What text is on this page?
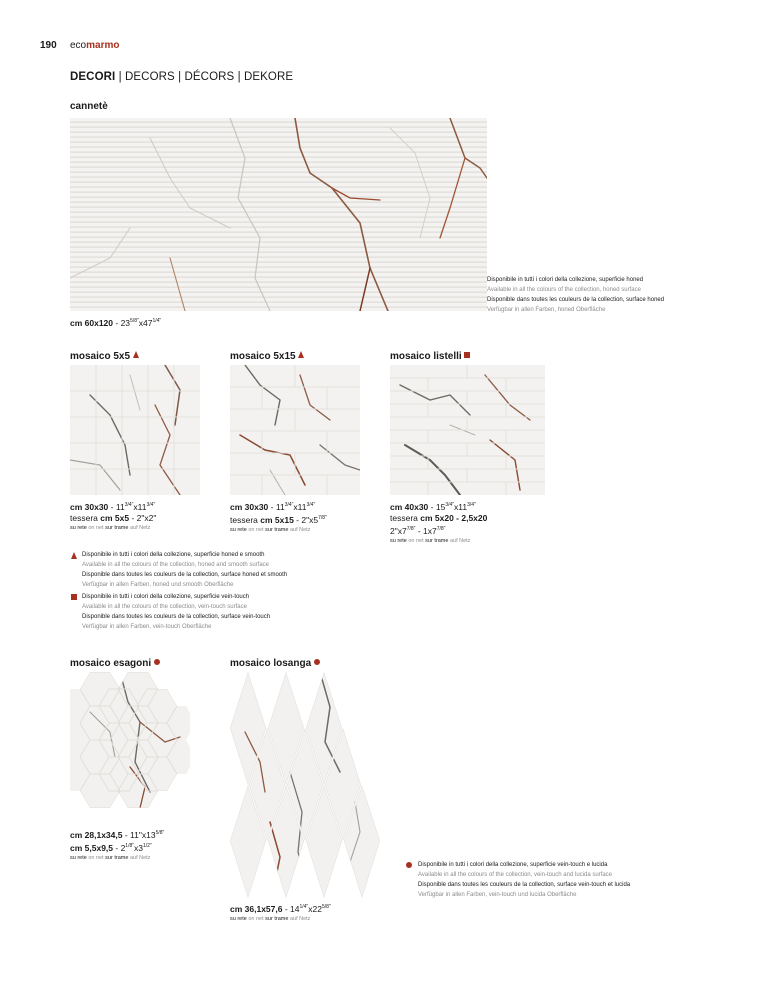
190 ecomarmo
DECORI | DECORS | DÉCORS | DEKORE
cannetè
cm $60x120 - 23^{5/8"}x47^{1/4"}$
Disponibile in tutti i colori della collezione, superficie honed
Available in all the colours of the collection, honed surface
Disponible dans toutes les couleurs de la collection, surface honed
Verfügbar in allen Farben, honed Oberfläche
mosaico 5x5
cm $30x30 - 11^{3/4"}x11^{3/4"}$
tessera cm 5x5 - 2"x2"
su rete on net sur trame auf Netz
mosaico 5x15
cm $30x30 - 11^{3/4"}x11^{3/4"}$
tessera cm $5x15 - 2"x5^{7/8"}$
su rete on net sur trame auf Netz
mosaico listelli
cm $40x30 - 15^{3/4"}x11^{3/4"}$
tessera cm 5x20 - 2,5x20
$2"x7^{7/8"} - 1x7^{7/8"}$
su rete on net sur trame auf Netz
Disponibile in tutti i colori della collezione, superficie honed e smooth
Available in all the colours of the collection, honed and smooth surface
Disponible dans toutes les couleurs de la collection, surface honed et smooth
Verfügbar in allen Farben, honed und smooth Oberfläche
Disponibile in tutti i colori della collezione, superficie vein-touch
Available in all the colours of the collection, vein-touch surface
Disponible dans toutes les couleurs de la collection, surface vein-touch
Verfügbar in allen Farben, vein-touch Oberfläche
mosaico esagoni
cm $28,1x34,5 - 11"x13^{5/8"}$
cm $5,5x9,5 - 2^{1/8"}x3^{1/2"}$
su rete on net sur trame auf Netz
mosaico losanga
cm $36,1x57,6 - 14^{1/4"}x22^{5/8"}$
su rete on net sur trame auf Netz
Disponibile in tutti i colori della collezione, superficie vein-touch e lucida
Available in all the colours of the collection, vein-touch and lucida surface
Disponible dans toutes les couleurs de la collection, surface vein-touch et lucida
Verfügbar in allen Farben, vein-touch und lucida Oberfläche
